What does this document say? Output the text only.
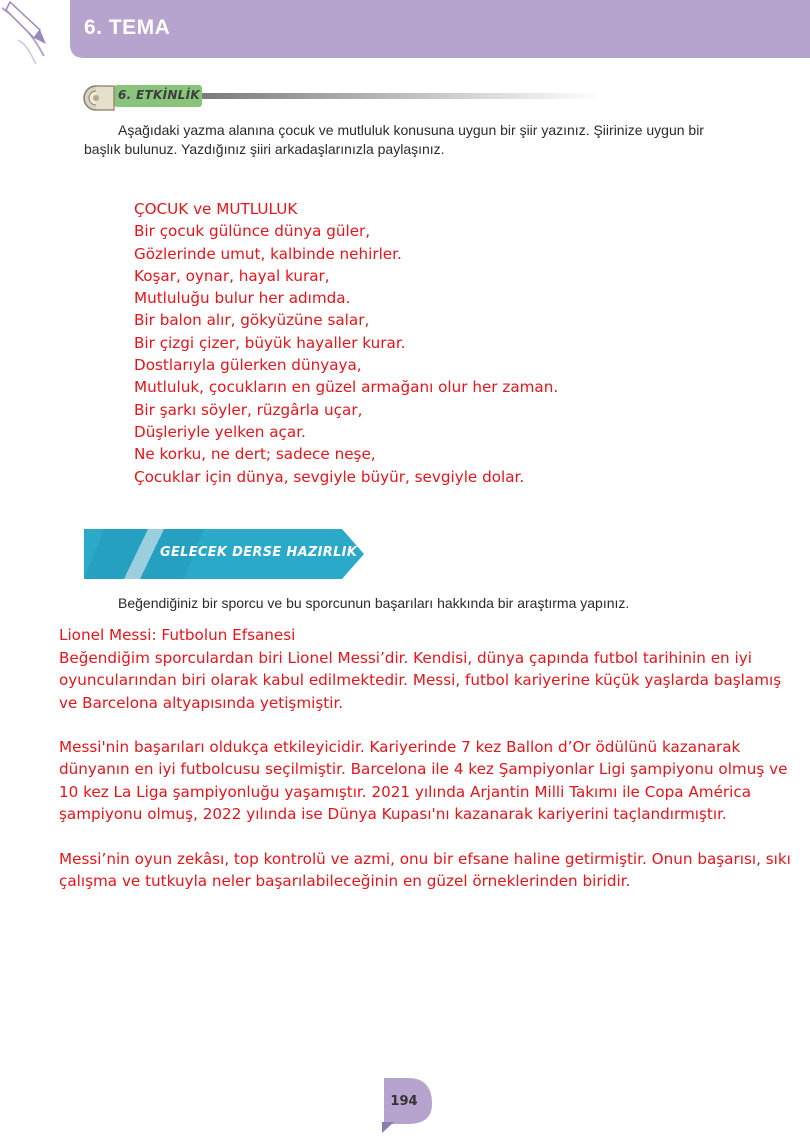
6. TEMA
6. ETKİNLİK
Aşağıdaki yazma alanına çocuk ve mutluluk konusuna uygun bir şiir yazınız. Şiirinize uygun bir başlık bulunuz. Yazdığınız şiiri arkadaşlarınızla paylaşınız.
ÇOCUK ve MUTLULUK
Bir çocuk gülünce dünya güler,
Gözlerinde umut, kalbinde nehirler.
Koşar, oynar, hayal kurar,
Mutluluğu bulur her adımda.
Bir balon alır, gökyüzüne salar,
Bir çizgi çizer, büyük hayaller kurar.
Dostlarıyla gülerken dünyaya,
Mutluluk, çocukların en güzel armağanı olur her zaman.
Bir şarkı söyler, rüzgârla uçar,
Düşleriyle yelken açar.
Ne korku, ne dert; sadece neşe,
Çocuklar için dünya, sevgiyle büyür, sevgiyle dolar.
GELECEK DERSE HAZIRLIK
Beğendiğiniz bir sporcu ve bu sporcunun başarıları hakkında bir araştırma yapınız.
Lionel Messi: Futbolun Efsanesi
Beğendiğim sporculardan biri Lionel Messi’dir. Kendisi, dünya çapında futbol tarihinin en iyi oyuncularından biri olarak kabul edilmektedir. Messi, futbol kariyerine küçük yaşlarda başlamış ve Barcelona altyapısında yetişmiştir.
Messi'nin başarıları oldukça etkileyicidir. Kariyerinde 7 kez Ballon d’Or ödülünü kazanarak dünyanın en iyi futbolcusu seçilmiştir. Barcelona ile 4 kez Şampiyonlar Ligi şampiyonu olmuş ve 10 kez La Liga şampiyonluğu yaşamıştır. 2021 yılında Arjantin Milli Takımı ile Copa América şampiyonu olmuş, 2022 yılında ise Dünya Kupası'nı kazanarak kariyerini taçlandırmıştır.
Messi’nin oyun zekâsı, top kontrolü ve azmi, onu bir efsane haline getirmiştir. Onun başarısı, sıkı çalışma ve tutkuyla neler başarılabileceğinin en güzel örneklerinden biridir.
194
